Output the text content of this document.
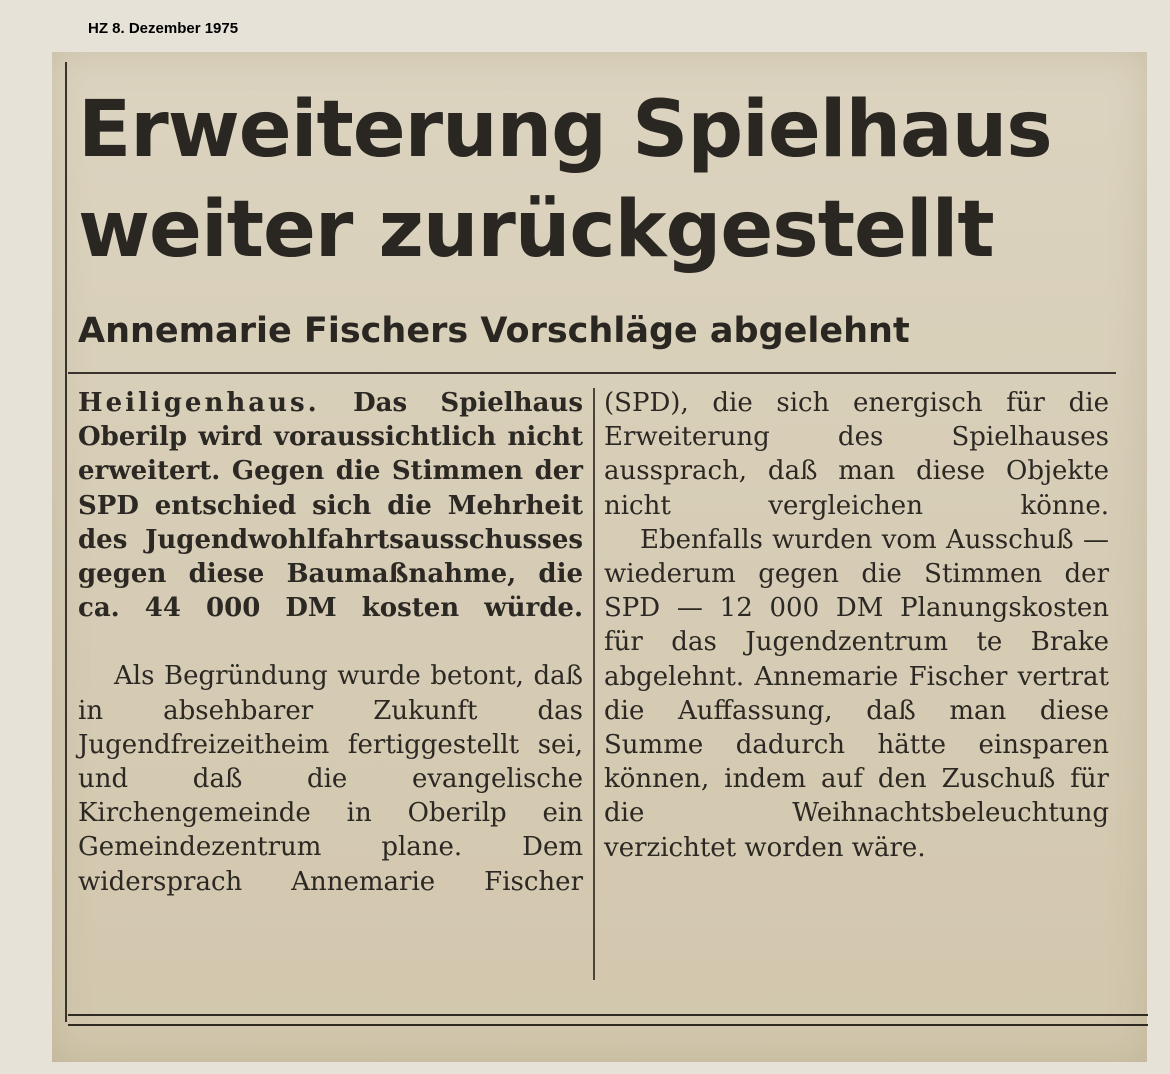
HZ 8. Dezember 1975
Erweiterung Spielhaus
weiter zurückgestellt
Annemarie Fischers Vorschläge abgelehnt

Heiligenhaus. Das Spielhaus Oberilp wird voraussichtlich nicht erweitert. Gegen die Stimmen der SPD entschied sich die Mehrheit des Jugendwohlfahrtsausschusses gegen diese Baumaßnahme, die ca. 44 000 DM kosten würde.

Als Begründung wurde betont, daß in absehbarer Zukunft das Jugendfreizeitheim fertiggestellt sei, und daß die evangelische Kirchengemeinde in Oberilp ein Gemeindezentrum plane. Dem widersprach Annemarie Fischer

(SPD), die sich energisch für die Erweiterung des Spielhauses aussprach, daß man diese Objekte nicht vergleichen könne.

Ebenfalls wurden vom Ausschuß — wiederum gegen die Stimmen der SPD — 12 000 DM Planungskosten für das Jugendzentrum te Brake abgelehnt. Annemarie Fischer vertrat die Auffassung, daß man diese Summe dadurch hätte einsparen können, indem auf den Zuschuß für die Weihnachtsbeleuchtung verzichtet worden wäre.
